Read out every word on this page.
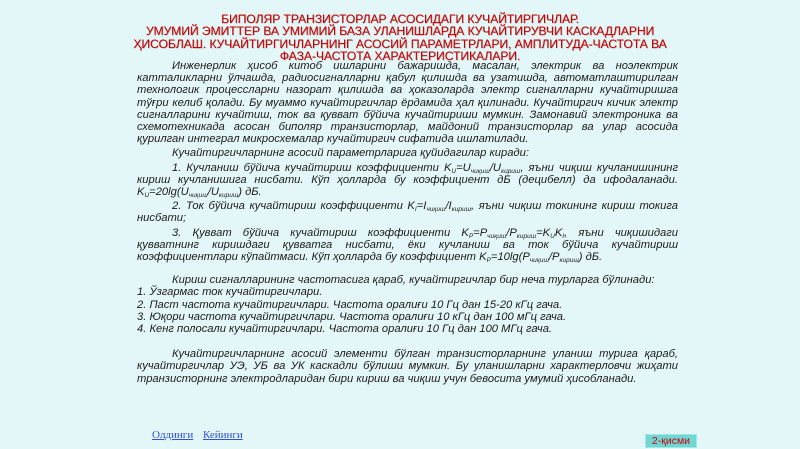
БИПОЛЯР ТРАНЗИСТОРЛАР АСОСИДАГИ КУЧАЙТИРГИЧЛАР.
УМУМИЙ ЭМИТТЕР ВА УМИМИЙ БАЗА УЛАНИШЛАРДА КУЧАЙТИРУВЧИ КАСКАДЛАРНИ
ҲИСОБЛАШ. КУЧАЙТИРГИЧЛАРНИНГ АСОСИЙ ПАРАМЕТРЛАРИ, АМПЛИТУДА-ЧАСТОТА ВА
ФАЗА-ЧАСТОТА ХАРАКТЕРИСТИКАЛАРИ.

Инженерлик ҳисоб китоб ишларини бажаришда, масалан, электрик ва ноэлектрик катталикларни ўлчашда, радиосигналларни қабул қилишда ва узатишда, автоматлаштирилган технологик процессларни назорат қилишда ва ҳоказоларда электр сигналларни кучайтиришга тўғри келиб қолади. Бу муаммо кучайтиргичлар ёрдамида ҳал қилинади. Кучайтиргич кичик электр сигналларини кучайтиш, ток ва қувват бўйича кучайтириши мумкин. Замонавий электроника ва схемотехникада асосан биполяр транзисторлар, майдоний транзисторлар ва улар асосида қурилган интеграл микросхемалар кучайтиргич сифатида ишлатилади.

Кучайтиргичларнинг асосий параметрларига қуйидагилар киради:

1. Кучланиш бўйича кучайтириш коэффициенти $K_U=U_{чиқиш}/U_{кириш}$, яъни чиқиш кучланишининг кириш кучланишига нисбати. Кўп ҳолларда бу коэффициент дБ (децибелл) да ифодаланади. $K_U=20\lg(U_{чиқиш}/U_{кириш})$ дБ.

2. Ток бўйича кучайтириш коэффициенти $K_I=I_{чиқиш}/I_{кириш}$, яъни чиқиш токининг кириш токига нисбати;

3. Қувват бўйича кучайтириш коэффициенти $K_P=P_{чиқиш}/P_{кириш}=K_UK_I$, яъни чиқишидаги қувватнинг киришдаги қувватга нисбати, ёки кучланиш ва ток бўйича кучайтириш коэффициентлари кўпайтмаси. Кўп ҳолларда бу коэффициент $K_P=10\lg(P_{чиқиш}/P_{кириш})$ дБ.

Кириш сигналларининг частотасига қараб, кучайтиргичлар бир неча турларга бўлинади:

1. Ўзгармас ток кучайтиргичлари.

2. Паст частота кучайтиргичлари. Частота оралиғи 10 Гц дан 15-20 кГц гача.

3. Юқори частота кучайтиргичлари. Частота оралиғи 10 кГц дан 100 мГц гача.

4. Кенг полосали кучайтиргичлари. Частота оралиғи 10 Гц дан 100 МГц гача.

Кучайтиргичларнинг асосий элементи бўлган транзисторларнинг уланиш турига қараб, кучайтиргичлар УЭ, УБ ва УК каскадли бўлиши мумкин. Бу уланишларни характерловчи жиҳати транзисторнинг электродларидан бири кириш ва чиқиш учун бевосита умумий ҳисобланади.

Олдинги Кейинги	2-қисми
